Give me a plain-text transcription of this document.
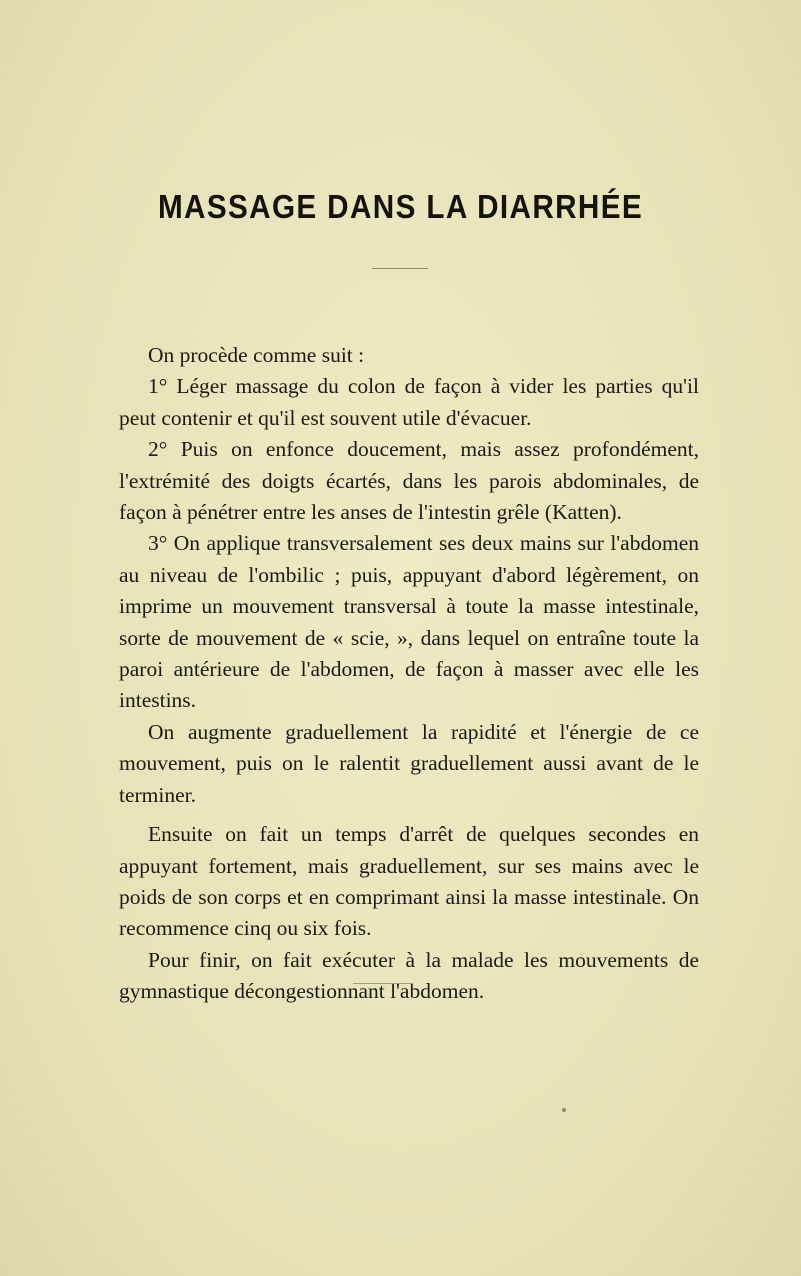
MASSAGE DANS LA DIARRHÉE

On procède comme suit :

1° Léger massage du colon de façon à vider les parties qu'il peut contenir et qu'il est souvent utile d'évacuer.

2° Puis on enfonce doucement, mais assez profondément, l'extrémité des doigts écartés, dans les parois abdominales, de façon à pénétrer entre les anses de l'intestin grêle (Katten).

3° On applique transversalement ses deux mains sur l'abdomen au niveau de l'ombilic ; puis, appuyant d'abord légèrement, on imprime un mouvement transversal à toute la masse intestinale, sorte de mouvement de « scie, », dans lequel on entraîne toute la paroi antérieure de l'abdomen, de façon à masser avec elle les intestins.

On augmente graduellement la rapidité et l'énergie de ce mouvement, puis on le ralentit graduellement aussi avant de le terminer.

Ensuite on fait un temps d'arrêt de quelques secondes en appuyant fortement, mais graduellement, sur ses mains avec le poids de son corps et en comprimant ainsi la masse intestinale. On recommence cinq ou six fois.

Pour finir, on fait exécuter à la malade les mouvements de gymnastique décongestionnant l'abdomen.
